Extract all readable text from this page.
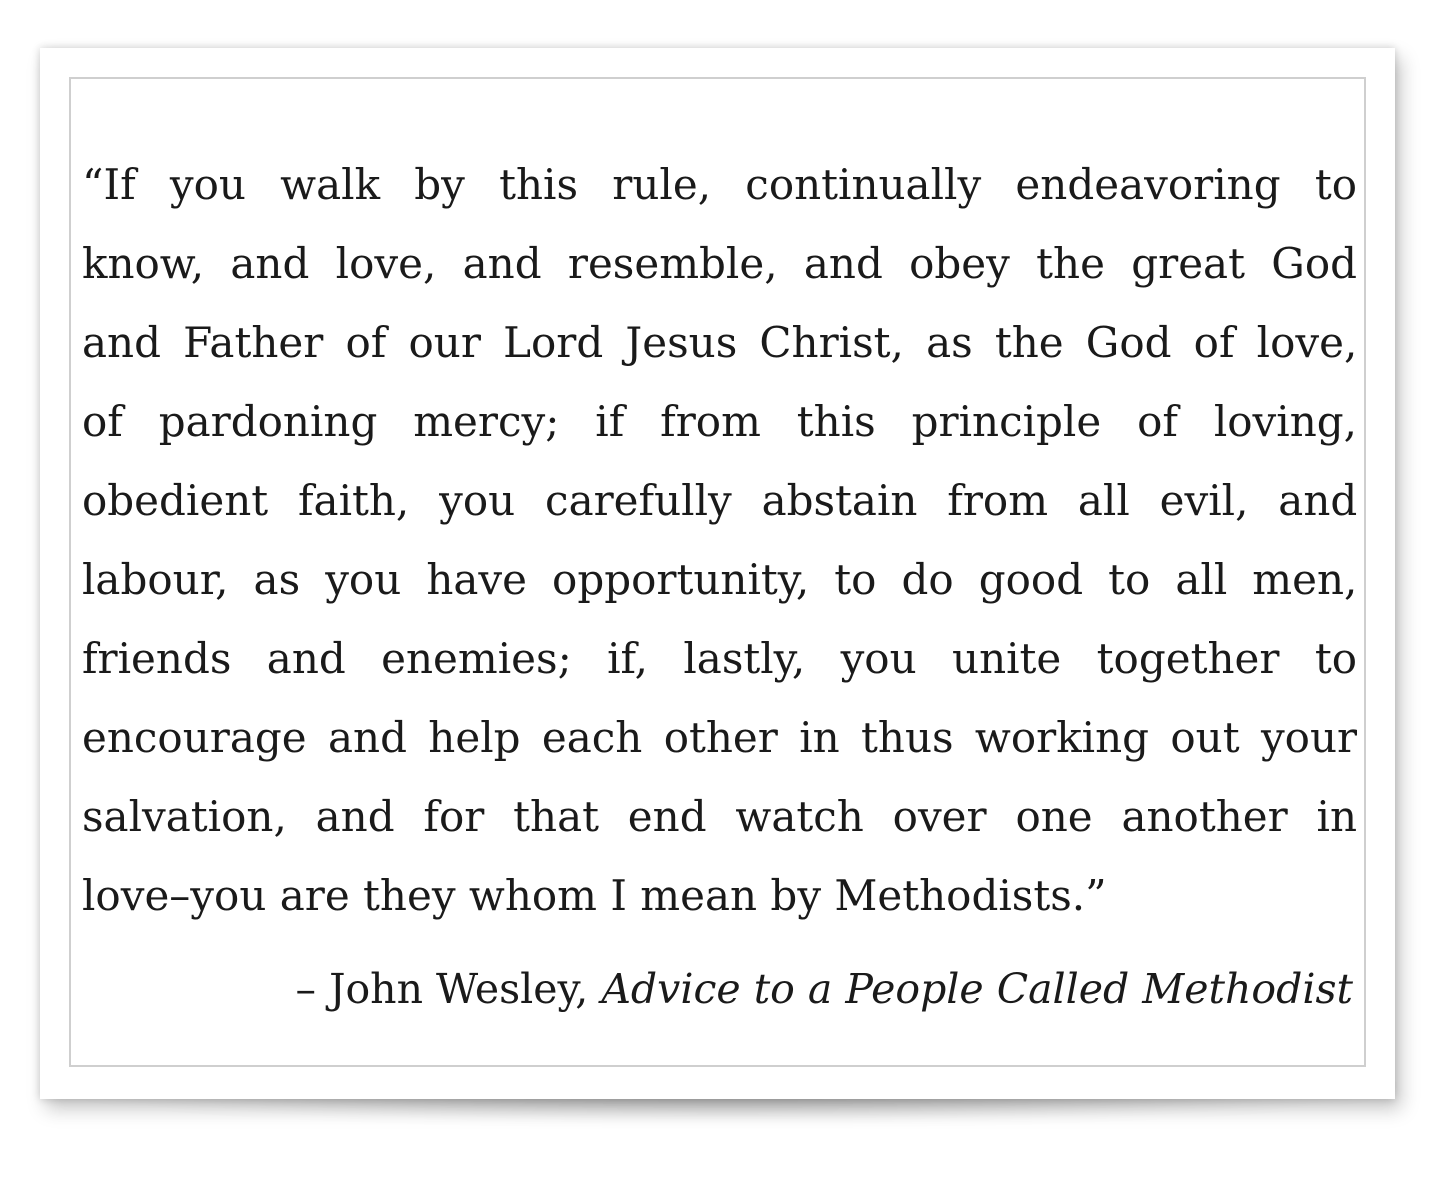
“If you walk by this rule, continually endeavoring to
know, and love, and resemble, and obey the great God
and Father of our Lord Jesus Christ, as the God of love,
of pardoning mercy; if from this principle of loving,
obedient faith, you carefully abstain from all evil, and
labour, as you have opportunity, to do good to all men,
friends and enemies; if, lastly, you unite together to
encourage and help each other in thus working out your
salvation, and for that end watch over one another in
love–you are they whom I mean by Methodists.”

– John Wesley, Advice to a People Called Methodist
